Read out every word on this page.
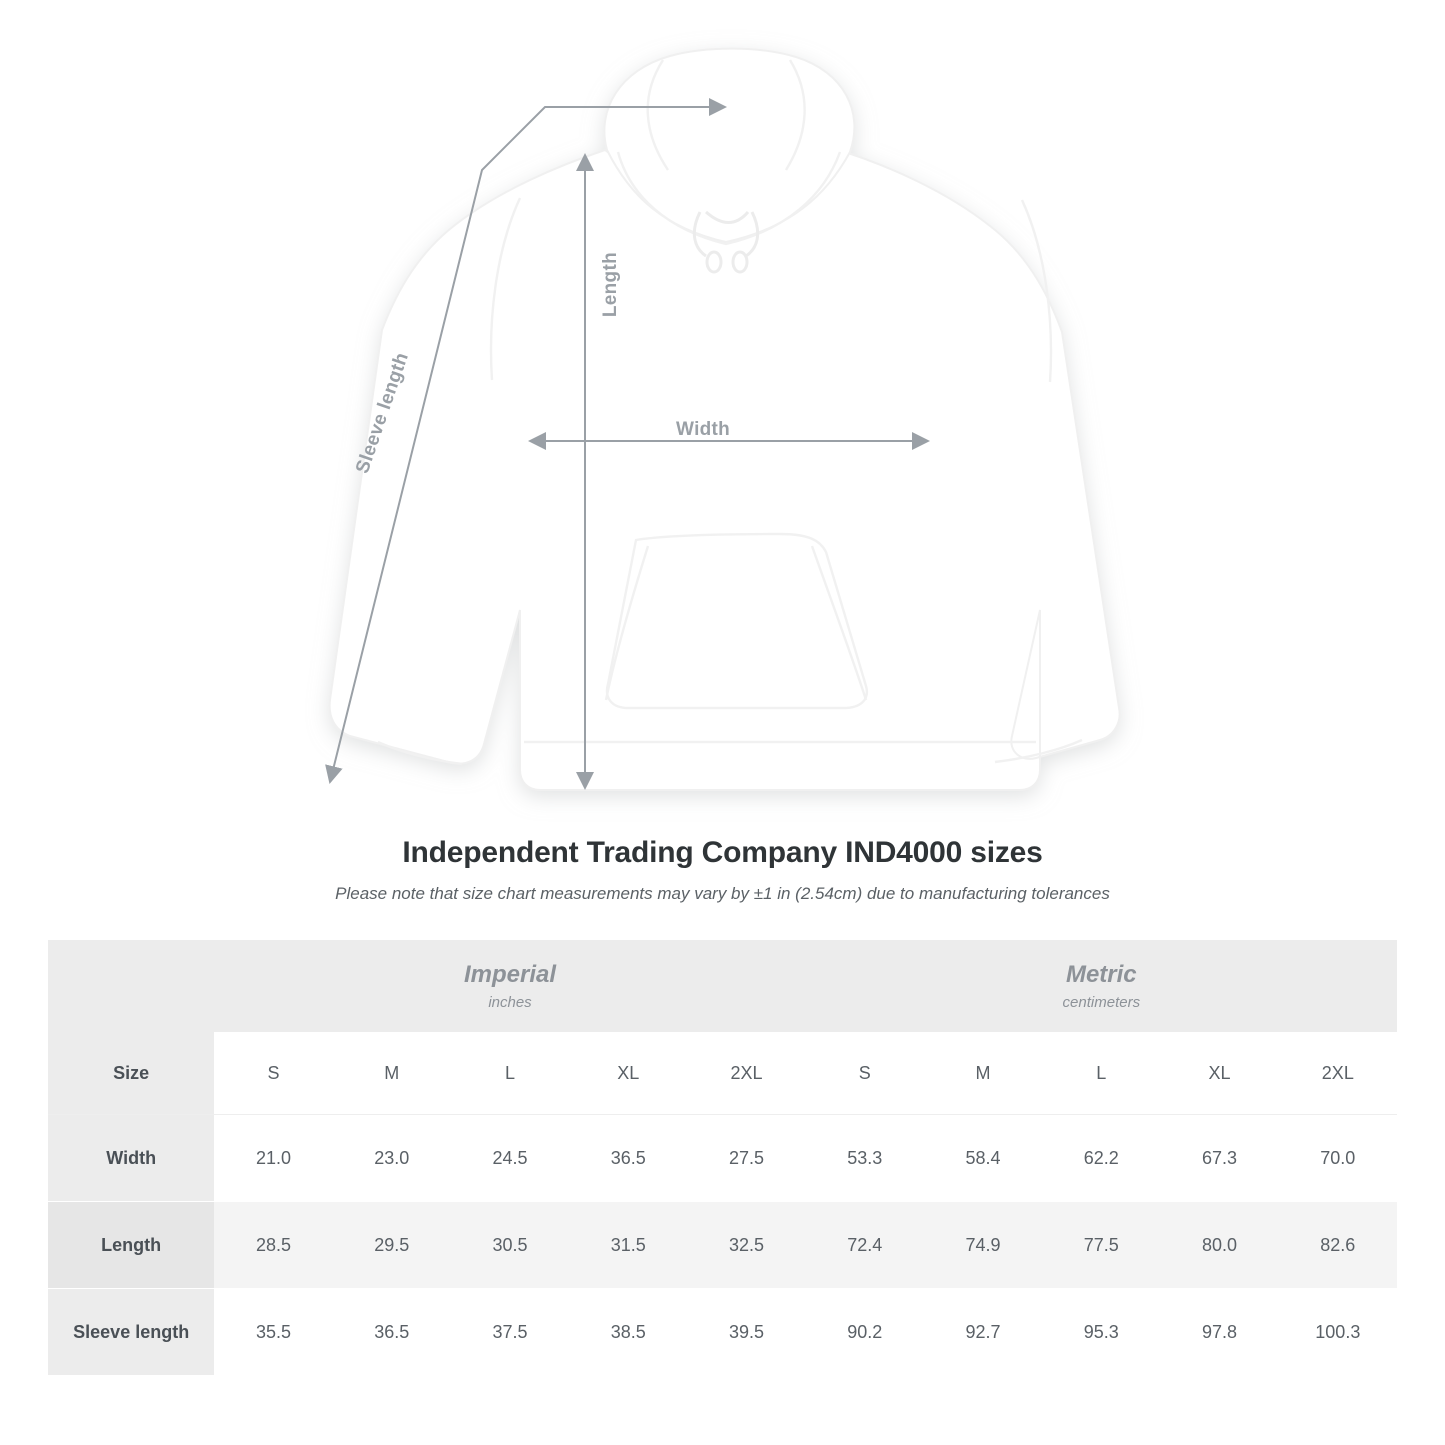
Width
Length
Sleeve length
Independent Trading Company IND4000 sizes
Please note that size chart measurements may vary by ±1 in (2.54cm) due to manufacturing tolerances

Imperial
inches

Metric
centimeters

Size	S	M	L	XL	2XL	S	M	L	XL	2XL
Width	21.0	23.0	24.5	36.5	27.5	53.3	58.4	62.2	67.3	70.0
Length	28.5	29.5	30.5	31.5	32.5	72.4	74.9	77.5	80.0	82.6
Sleeve length	35.5	36.5	37.5	38.5	39.5	90.2	92.7	95.3	97.8	100.3
